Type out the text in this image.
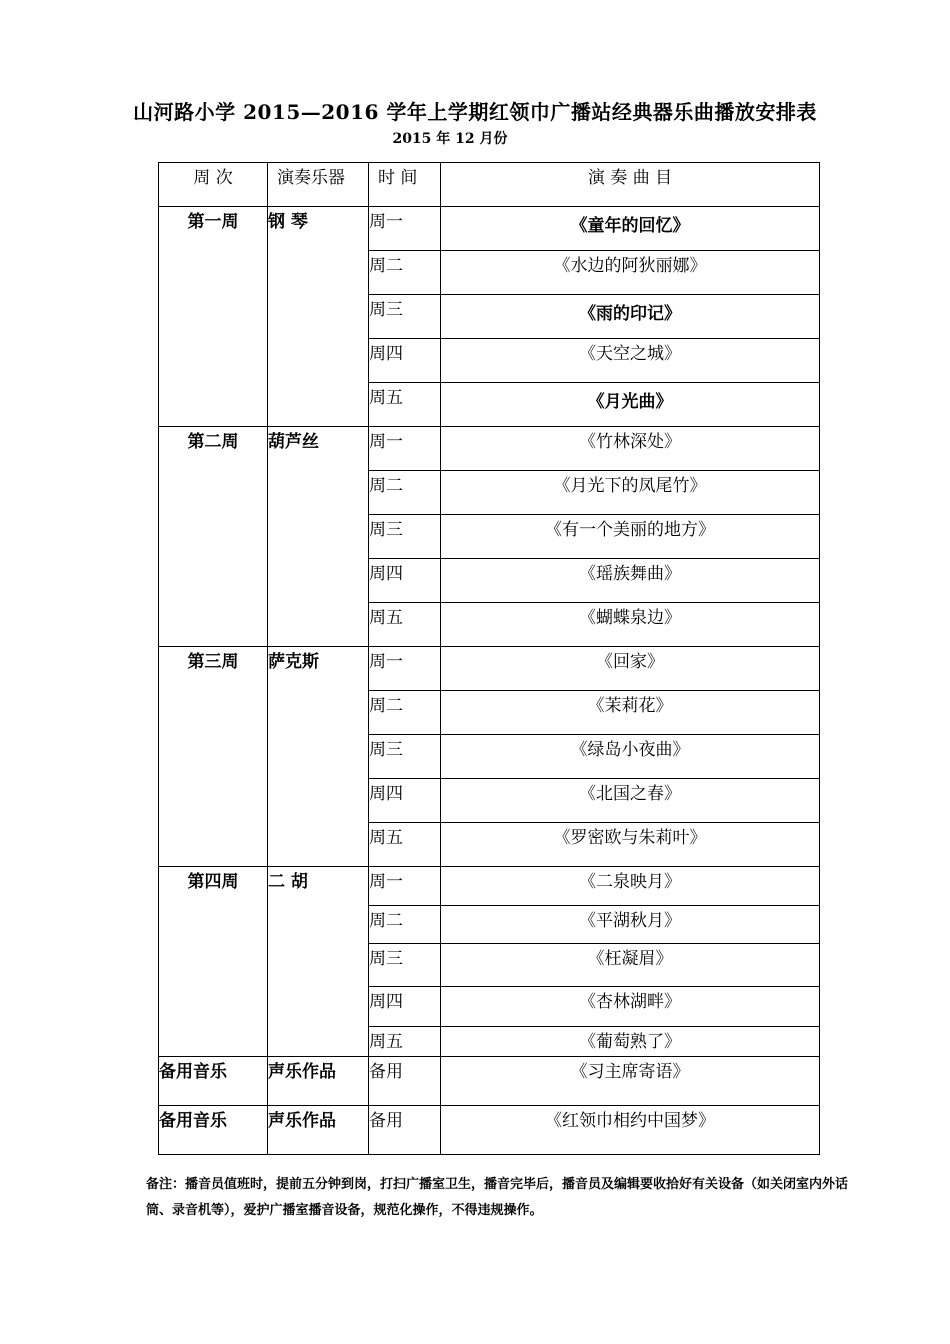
山河路小学 2015—2016 学年上学期红领巾广播站经典器乐曲播放安排表
2015 年 12 月份
周 次	演奏乐器	时 间	演 奏 曲 目
第一周	钢 琴	周一	《童年的回忆》
		周二	《水边的阿狄丽娜》
		周三	《雨的印记》
		周四	《天空之城》
		周五	《月光曲》
第二周	葫芦丝	周一	《竹林深处》
		周二	《月光下的凤尾竹》
		周三	《有一个美丽的地方》
		周四	《瑶族舞曲》
		周五	《蝴蝶泉边》
第三周	萨克斯	周一	《回家》
		周二	《茉莉花》
		周三	《绿岛小夜曲》
		周四	《北国之春》
		周五	《罗密欧与朱莉叶》
第四周	二 胡	周一	《二泉映月》
		周二	《平湖秋月》
		周三	《枉凝眉》
		周四	《杏林湖畔》
		周五	《葡萄熟了》
备用音乐	声乐作品	备用	《习主席寄语》
备用音乐	声乐作品	备用	《红领巾相约中国梦》
备注：播音员值班时，提前五分钟到岗，打扫广播室卫生，播音完毕后，播音员及编辑要收拾好有关设备（如关闭室内外话筒、录音机等），爱护广播室播音设备，规范化操作，不得违规操作。
